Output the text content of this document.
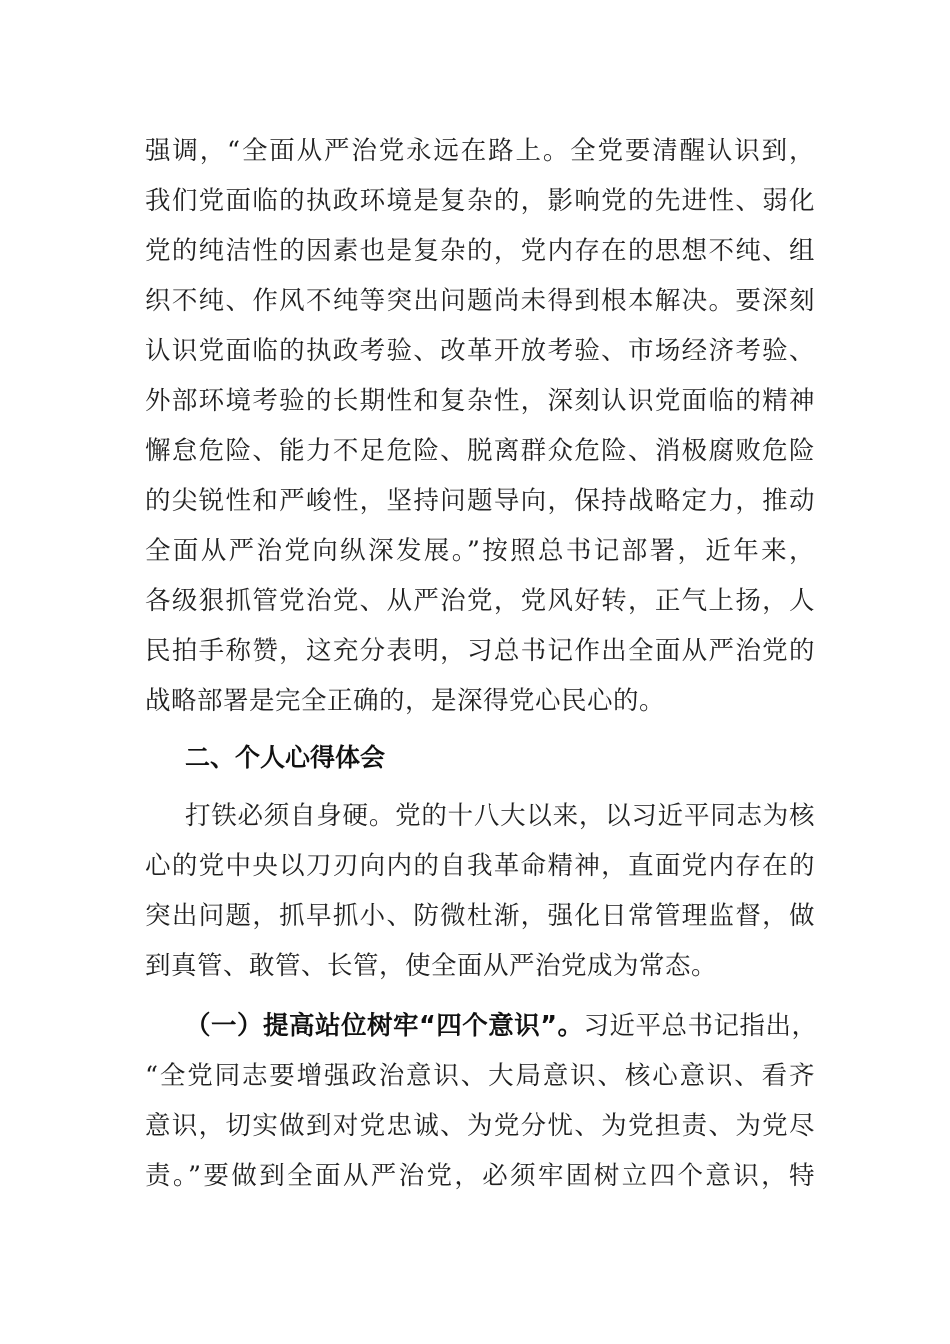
强调，“全面从严治党永远在路上。全党要清醒认识到，
我们党面临的执政环境是复杂的，影响党的先进性、弱化
党的纯洁性的因素也是复杂的，党内存在的思想不纯、组
织不纯、作风不纯等突出问题尚未得到根本解决。要深刻
认识党面临的执政考验、改革开放考验、市场经济考验、
外部环境考验的长期性和复杂性，深刻认识党面临的精神
懈怠危险、能力不足危险、脱离群众危险、消极腐败危险
的尖锐性和严峻性，坚持问题导向，保持战略定力，推动
全面从严治党向纵深发展。”按照总书记部署，近年来，
各级狠抓管党治党、从严治党，党风好转，正气上扬，人
民拍手称赞，这充分表明，习总书记作出全面从严治党的
战略部署是完全正确的，是深得党心民心的。
二、个人心得体会
打铁必须自身硬。党的十八大以来，以习近平同志为核
心的党中央以刀刃向内的自我革命精神，直面党内存在的
突出问题，抓早抓小、防微杜渐，强化日常管理监督，做
到真管、敢管、长管，使全面从严治党成为常态。
（一）提高站位树牢“四个意识”。习近平总书记指出，
“全党同志要增强政治意识、大局意识、核心意识、看齐
意识，切实做到对党忠诚、为党分忧、为党担责、为党尽
责。”要做到全面从严治党，必须牢固树立四个意识，特
